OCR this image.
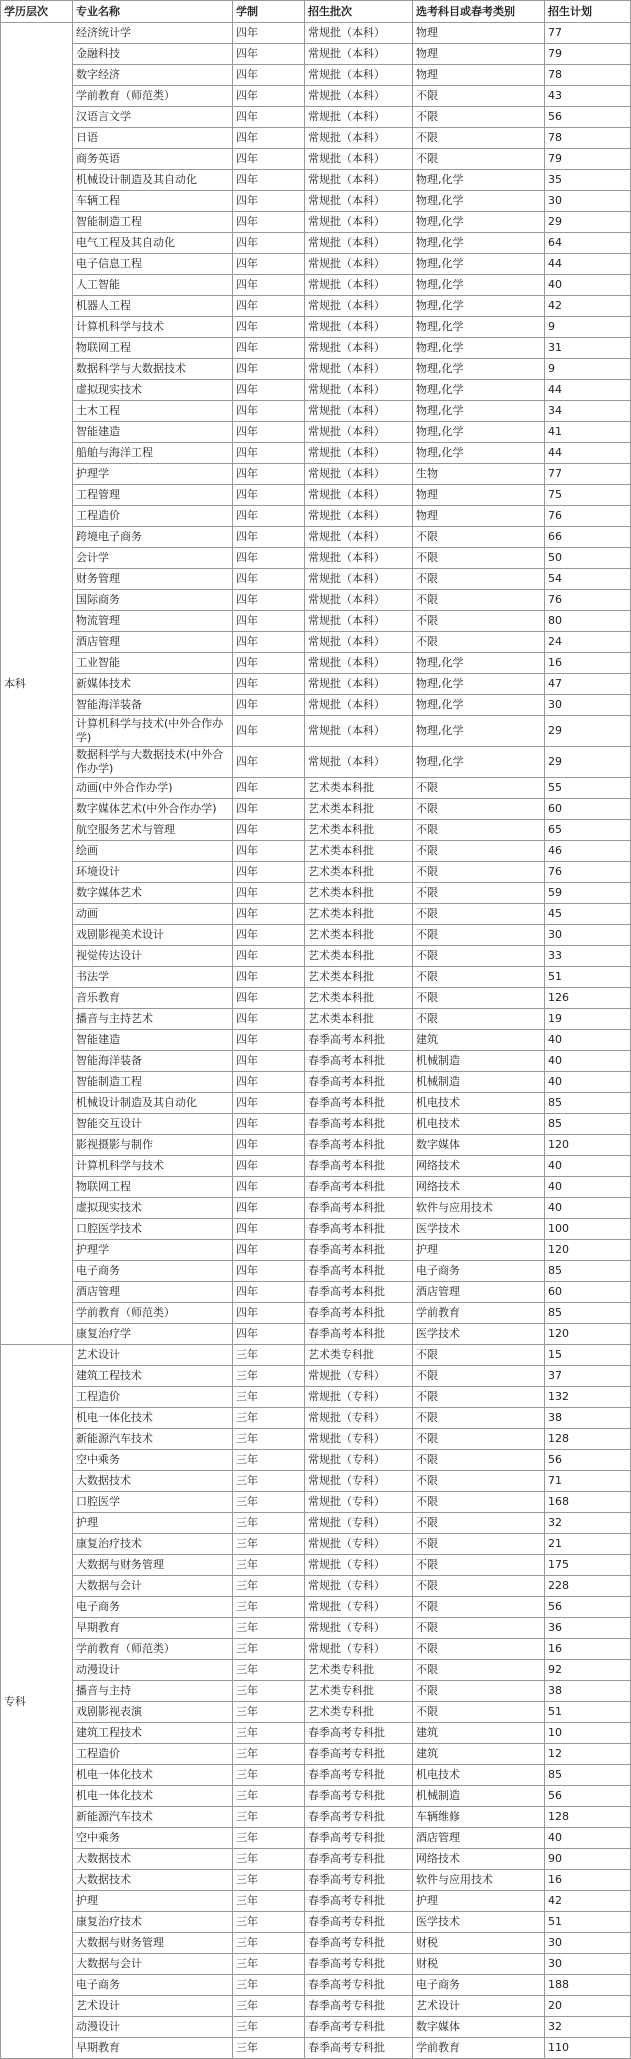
学历层次	专业名称	学制	招生批次	选考科目或春考类别	招生计划
本科	经济统计学	四年	常规批（本科）	物理	77
	金融科技	四年	常规批（本科）	物理	79
	数字经济	四年	常规批（本科）	物理	78
	学前教育（师范类）	四年	常规批（本科）	不限	43
	汉语言文学	四年	常规批（本科）	不限	56
	日语	四年	常规批（本科）	不限	78
	商务英语	四年	常规批（本科）	不限	79
	机械设计制造及其自动化	四年	常规批（本科）	物理,化学	35
	车辆工程	四年	常规批（本科）	物理,化学	30
	智能制造工程	四年	常规批（本科）	物理,化学	29
	电气工程及其自动化	四年	常规批（本科）	物理,化学	64
	电子信息工程	四年	常规批（本科）	物理,化学	44
	人工智能	四年	常规批（本科）	物理,化学	40
	机器人工程	四年	常规批（本科）	物理,化学	42
	计算机科学与技术	四年	常规批（本科）	物理,化学	9
	物联网工程	四年	常规批（本科）	物理,化学	31
	数据科学与大数据技术	四年	常规批（本科）	物理,化学	9
	虚拟现实技术	四年	常规批（本科）	物理,化学	44
	土木工程	四年	常规批（本科）	物理,化学	34
	智能建造	四年	常规批（本科）	物理,化学	41
	船舶与海洋工程	四年	常规批（本科）	物理,化学	44
	护理学	四年	常规批（本科）	生物	77
	工程管理	四年	常规批（本科）	物理	75
	工程造价	四年	常规批（本科）	物理	76
	跨境电子商务	四年	常规批（本科）	不限	66
	会计学	四年	常规批（本科）	不限	50
	财务管理	四年	常规批（本科）	不限	54
	国际商务	四年	常规批（本科）	不限	76
	物流管理	四年	常规批（本科）	不限	80
	酒店管理	四年	常规批（本科）	不限	24
	工业智能	四年	常规批（本科）	物理,化学	16
	新媒体技术	四年	常规批（本科）	物理,化学	47
	智能海洋装备	四年	常规批（本科）	物理,化学	30
	计算机科学与技术(中外合作办学)	四年	常规批（本科）	物理,化学	29
	数据科学与大数据技术(中外合作办学)	四年	常规批（本科）	物理,化学	29
	动画(中外合作办学)	四年	艺术类本科批	不限	55
	数字媒体艺术(中外合作办学)	四年	艺术类本科批	不限	60
	航空服务艺术与管理	四年	艺术类本科批	不限	65
	绘画	四年	艺术类本科批	不限	46
	环境设计	四年	艺术类本科批	不限	76
	数字媒体艺术	四年	艺术类本科批	不限	59
	动画	四年	艺术类本科批	不限	45
	戏剧影视美术设计	四年	艺术类本科批	不限	30
	视觉传达设计	四年	艺术类本科批	不限	33
	书法学	四年	艺术类本科批	不限	51
	音乐教育	四年	艺术类本科批	不限	126
	播音与主持艺术	四年	艺术类本科批	不限	19
	智能建造	四年	春季高考本科批	建筑	40
	智能海洋装备	四年	春季高考本科批	机械制造	40
	智能制造工程	四年	春季高考本科批	机械制造	40
	机械设计制造及其自动化	四年	春季高考本科批	机电技术	85
	智能交互设计	四年	春季高考本科批	机电技术	85
	影视摄影与制作	四年	春季高考本科批	数字媒体	120
	计算机科学与技术	四年	春季高考本科批	网络技术	40
	物联网工程	四年	春季高考本科批	网络技术	40
	虚拟现实技术	四年	春季高考本科批	软件与应用技术	40
	口腔医学技术	四年	春季高考本科批	医学技术	100
	护理学	四年	春季高考本科批	护理	120
	电子商务	四年	春季高考本科批	电子商务	85
	酒店管理	四年	春季高考本科批	酒店管理	60
	学前教育（师范类）	四年	春季高考本科批	学前教育	85
	康复治疗学	四年	春季高考本科批	医学技术	120
专科	艺术设计	三年	艺术类专科批	不限	15
	建筑工程技术	三年	常规批（专科）	不限	37
	工程造价	三年	常规批（专科）	不限	132
	机电一体化技术	三年	常规批（专科）	不限	38
	新能源汽车技术	三年	常规批（专科）	不限	128
	空中乘务	三年	常规批（专科）	不限	56
	大数据技术	三年	常规批（专科）	不限	71
	口腔医学	三年	常规批（专科）	不限	168
	护理	三年	常规批（专科）	不限	32
	康复治疗技术	三年	常规批（专科）	不限	21
	大数据与财务管理	三年	常规批（专科）	不限	175
	大数据与会计	三年	常规批（专科）	不限	228
	电子商务	三年	常规批（专科）	不限	56
	早期教育	三年	常规批（专科）	不限	36
	学前教育（师范类）	三年	常规批（专科）	不限	16
	动漫设计	三年	艺术类专科批	不限	92
	播音与主持	三年	艺术类专科批	不限	38
	戏剧影视表演	三年	艺术类专科批	不限	51
	建筑工程技术	三年	春季高考专科批	建筑	10
	工程造价	三年	春季高考专科批	建筑	12
	机电一体化技术	三年	春季高考专科批	机电技术	85
	机电一体化技术	三年	春季高考专科批	机械制造	56
	新能源汽车技术	三年	春季高考专科批	车辆维修	128
	空中乘务	三年	春季高考专科批	酒店管理	40
	大数据技术	三年	春季高考专科批	网络技术	90
	大数据技术	三年	春季高考专科批	软件与应用技术	16
	护理	三年	春季高考专科批	护理	42
	康复治疗技术	三年	春季高考专科批	医学技术	51
	大数据与财务管理	三年	春季高考专科批	财税	30
	大数据与会计	三年	春季高考专科批	财税	30
	电子商务	三年	春季高考专科批	电子商务	188
	艺术设计	三年	春季高考专科批	艺术设计	20
	动漫设计	三年	春季高考专科批	数字媒体	32
	早期教育	三年	春季高考专科批	学前教育	110
